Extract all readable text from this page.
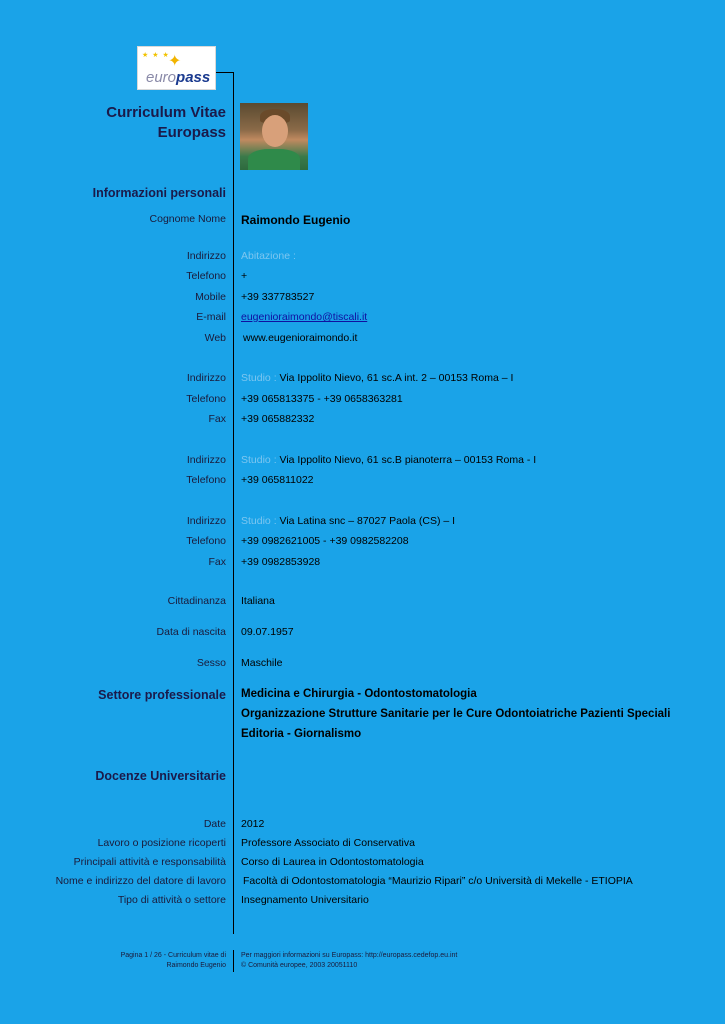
★ ★ ★
✦
europass
Curriculum Vitae
Europass
Informazioni personali
Cognome Nome Raimondo Eugenio
Indirizzo Abitazione :
Telefono +
Mobile +39 337783527
E-mail eugenioraimondo@tiscali.it
Web www.eugenioraimondo.it
Indirizzo Studio : Via Ippolito Nievo, 61 sc.A int. 2 – 00153 Roma – I
Telefono +39 065813375 - +39 0658363281
Fax +39 065882332
Indirizzo Studio : Via Ippolito Nievo, 61 sc.B pianoterra – 00153 Roma - I
Telefono +39 065811022
Indirizzo Studio : Via Latina snc – 87027 Paola (CS) – I
Telefono +39 0982621005 - +39 0982582208
Fax +39 0982853928
Cittadinanza Italiana
Data di nascita 09.07.1957
Sesso Maschile
Settore professionale Medicina e Chirurgia - Odontostomatologia
Organizzazione Strutture Sanitarie per le Cure Odontoiatriche Pazienti Speciali
Editoria - Giornalismo
Docenze Universitarie
Date 2012
Lavoro o posizione ricoperti Professore Associato di Conservativa
Principali attività e responsabilità Corso di Laurea in Odontostomatologia
Nome e indirizzo del datore di lavoro Facoltà di Odontostomatologia “Maurizio Ripari” c/o Università di Mekelle - ETIOPIA
Tipo di attività o settore Insegnamento Universitario
Pagina 1 / 26 - Curriculum vitae di
Raimondo Eugenio
Per maggiori informazioni su Europass: http://europass.cedefop.eu.int
© Comunità europee, 2003 20051110
